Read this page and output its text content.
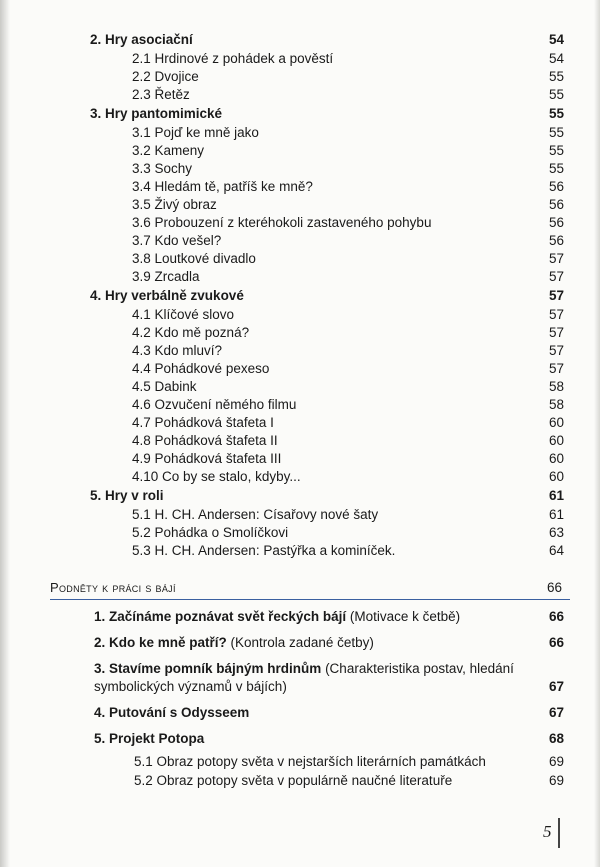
2. Hry asociační	54
2.1 Hrdinové z pohádek a pověstí	54
2.2 Dvojice	55
2.3 Řetěz	55
3. Hry pantomimické	55
3.1 Pojď ke mně jako	55
3.2 Kameny	55
3.3 Sochy	55
3.4 Hledám tě, patříš ke mně?	56
3.5 Živý obraz	56
3.6 Probouzení z kteréhokoli zastaveného pohybu	56
3.7 Kdo vešel?	56
3.8 Loutkové divadlo	57
3.9 Zrcadla	57
4. Hry verbálně zvukové	57
4.1 Klíčové slovo	57
4.2 Kdo mě pozná?	57
4.3 Kdo mluví?	57
4.4 Pohádkové pexeso	57
4.5 Dabink	58
4.6 Ozvučení němého filmu	58
4.7 Pohádková štafeta I	60
4.8 Pohádková štafeta II	60
4.9 Pohádková štafeta III	60
4.10 Co by se stalo, kdyby...	60
5. Hry v roli	61
5.1 H. CH. Andersen: Císařovy nové šaty	61
5.2 Pohádka o Smolíčkovi	63
5.3 H. CH. Andersen: Pastýřka a kominíček.	64
Podněty k práci s bájí	66
1. Začínáme poznávat svět řeckých bájí (Motivace k četbě)	66
2. Kdo ke mně patří? (Kontrola zadané četby)	66
3. Stavíme pomník bájným hrdinům (Charakteristika postav, hledání symbolických významů v bájích)	67
4. Putování s Odysseem	67
5. Projekt Potopa	68
5.1 Obraz potopy světa v nejstarších literárních památkách	69
5.2 Obraz potopy světa v populárně naučné literatuře	69
5
